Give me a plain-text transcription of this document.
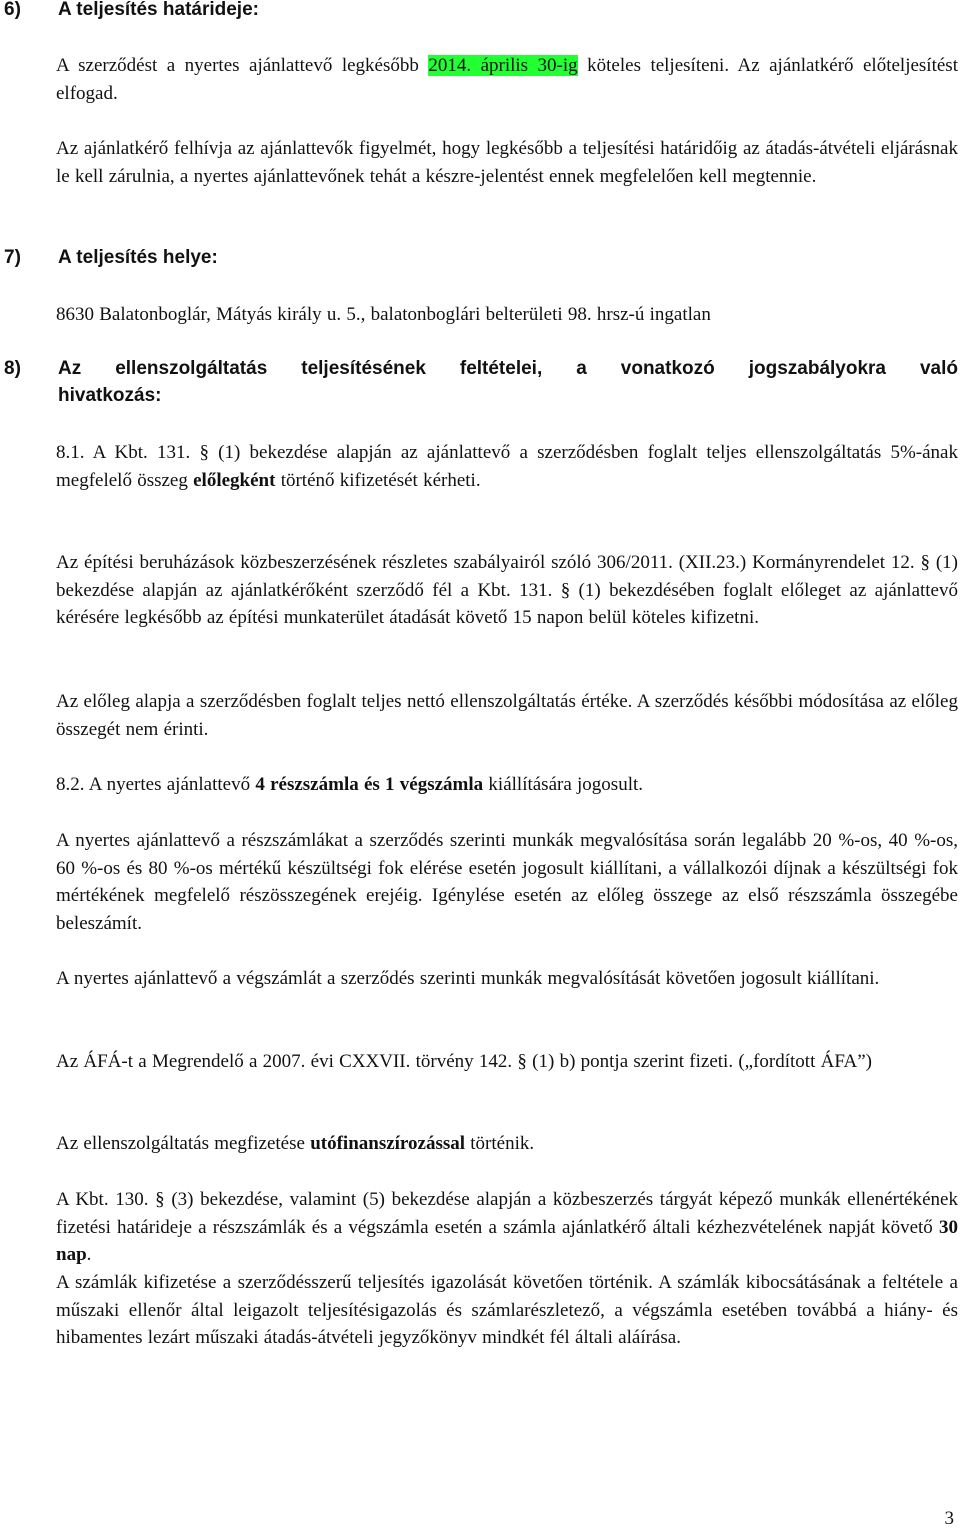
6) A teljesítés határideje:

A szerződést a nyertes ajánlattevő legkésőbb 2014. április 30-ig köteles teljesíteni. Az ajánlatkérő előteljesítést elfogad.

Az ajánlatkérő felhívja az ajánlattevők figyelmét, hogy legkésőbb a teljesítési határidőig az átadás-átvételi eljárásnak le kell zárulnia, a nyertes ajánlattevőnek tehát a készre-jelentést ennek megfelelően kell megtennie.

7) A teljesítés helye:

8630 Balatonboglár, Mátyás király u. 5., balatonboglári belterületi 98. hrsz-ú ingatlan

8) Az ellenszolgáltatás teljesítésének feltételei, a vonatkozó jogszabályokra való
hivatkozás:

8.1. A Kbt. 131. § (1) bekezdése alapján az ajánlattevő a szerződésben foglalt teljes ellenszolgáltatás 5%-ának megfelelő összeg előlegként történő kifizetését kérheti.

Az építési beruházások közbeszerzésének részletes szabályairól szóló 306/2011. (XII.23.) Kormányrendelet 12. § (1) bekezdése alapján az ajánlatkérőként szerződő fél a Kbt. 131. § (1) bekezdésében foglalt előleget az ajánlattevő kérésére legkésőbb az építési munkaterület átadását követő 15 napon belül köteles kifizetni.

Az előleg alapja a szerződésben foglalt teljes nettó ellenszolgáltatás értéke. A szerződés későbbi módosítása az előleg összegét nem érinti.

8.2. A nyertes ajánlattevő 4 részszámla és 1 végszámla kiállítására jogosult.

A nyertes ajánlattevő a részszámlákat a szerződés szerinti munkák megvalósítása során legalább 20 %-os, 40 %-os, 60 %-os és 80 %-os mértékű készültségi fok elérése esetén jogosult kiállítani, a vállalkozói díjnak a készültségi fok mértékének megfelelő részösszegének erejéig. Igénylése esetén az előleg összege az első részszámla összegébe beleszámít.

A nyertes ajánlattevő a végszámlát a szerződés szerinti munkák megvalósítását követően jogosult kiállítani.

Az ÁFÁ-t a Megrendelő a 2007. évi CXXVII. törvény 142. § (1) b) pontja szerint fizeti. („fordított ÁFA”)

Az ellenszolgáltatás megfizetése utófinanszírozással történik.

A Kbt. 130. § (3) bekezdése, valamint (5) bekezdése alapján a közbeszerzés tárgyát képező munkák ellenértékének fizetési határideje a részszámlák és a végszámla esetén a számla ajánlatkérő általi kézhezvételének napját követő 30 nap.

A számlák kifizetése a szerződésszerű teljesítés igazolását követően történik. A számlák kibocsátásának a feltétele a műszaki ellenőr által leigazolt teljesítésigazolás és számlarészletező, a végszámla esetében továbbá a hiány- és hibamentes lezárt műszaki átadás-átvételi jegyzőkönyv mindkét fél általi aláírása.

3
